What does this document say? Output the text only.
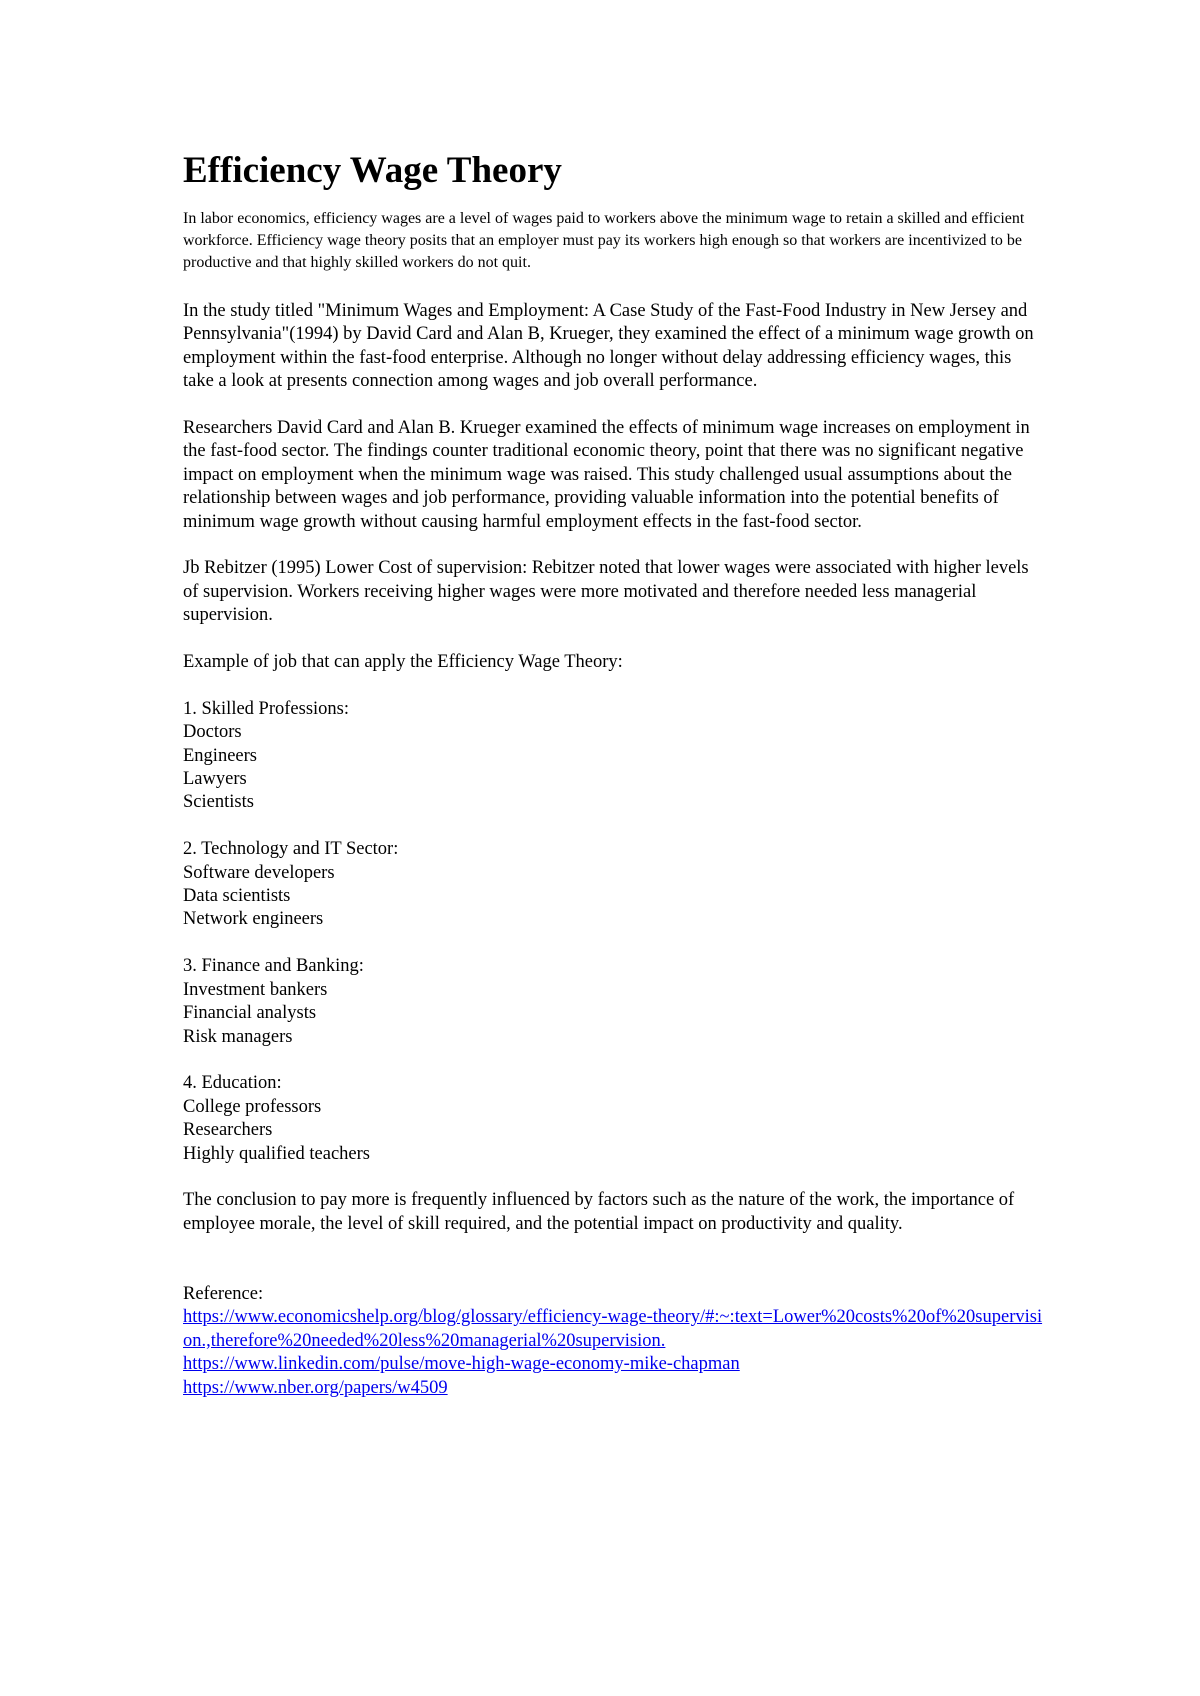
Efficiency Wage Theory

In labor economics, efficiency wages are a level of wages paid to workers above the minimum wage to retain a skilled and efficient workforce. Efficiency wage theory posits that an employer must pay its workers high enough so that workers are incentivized to be productive and that highly skilled workers do not quit.

In the study titled "Minimum Wages and Employment: A Case Study of the Fast-Food Industry in New Jersey and Pennsylvania"(1994) by David Card and Alan B, Krueger, they examined the effect of a minimum wage growth on employment within the fast-food enterprise. Although no longer without delay addressing efficiency wages, this take a look at presents connection among wages and job overall performance.

Researchers David Card and Alan B. Krueger examined the effects of minimum wage increases on employment in the fast-food sector. The findings counter traditional economic theory, point that there was no significant negative impact on employment when the minimum wage was raised. This study challenged usual assumptions about the relationship between wages and job performance, providing valuable information into the potential benefits of minimum wage growth without causing harmful employment effects in the fast-food sector.

Jb Rebitzer (1995) Lower Cost of supervision: Rebitzer noted that lower wages were associated with higher levels of supervision. Workers receiving higher wages were more motivated and therefore needed less managerial supervision.

Example of job that can apply the Efficiency Wage Theory:

1. Skilled Professions:
Doctors
Engineers
Lawyers
Scientists
2. Technology and IT Sector:
Software developers
Data scientists
Network engineers
3. Finance and Banking:
Investment bankers
Financial analysts
Risk managers
4. Education:
College professors
Researchers
Highly qualified teachers

The conclusion to pay more is frequently influenced by factors such as the nature of the work, the importance of employee morale, the level of skill required, and the potential impact on productivity and quality.

Reference:
https://www.economicshelp.org/blog/glossary/efficiency-wage-theory/#:~:text=Lower%20costs%20of%20supervision.,therefore%20needed%20less%20managerial%20supervision.
https://www.linkedin.com/pulse/move-high-wage-economy-mike-chapman
https://www.nber.org/papers/w4509
